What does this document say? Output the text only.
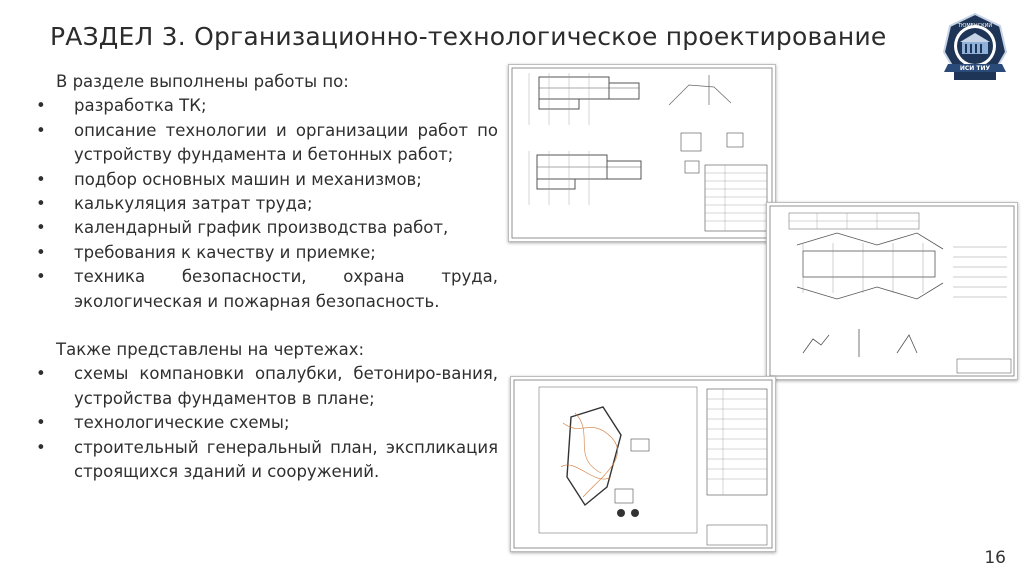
РАЗДЕЛ 3. Организационно-технологическое проектирование	ТЮМЕНСКИЙ
ИСИ ТИУ
В разделе выполнены работы по:
• разработка ТК;
• описание технологии и организации работ по устройству фундамента и бетонных работ;
• подбор основных машин и механизмов;
• калькуляция затрат труда;
• календарный график производства работ,
• требования к качеству и приемке;
• техника безопасности, охрана труда, экологическая и пожарная безопасность.
Также представлены на чертежах:
• схемы компановки опалубки, бетониро-вания, устройства фундаментов в плане;
• технологические схемы;
• строительный генеральный план, экспликация строящихся зданий и сооружений.
16
